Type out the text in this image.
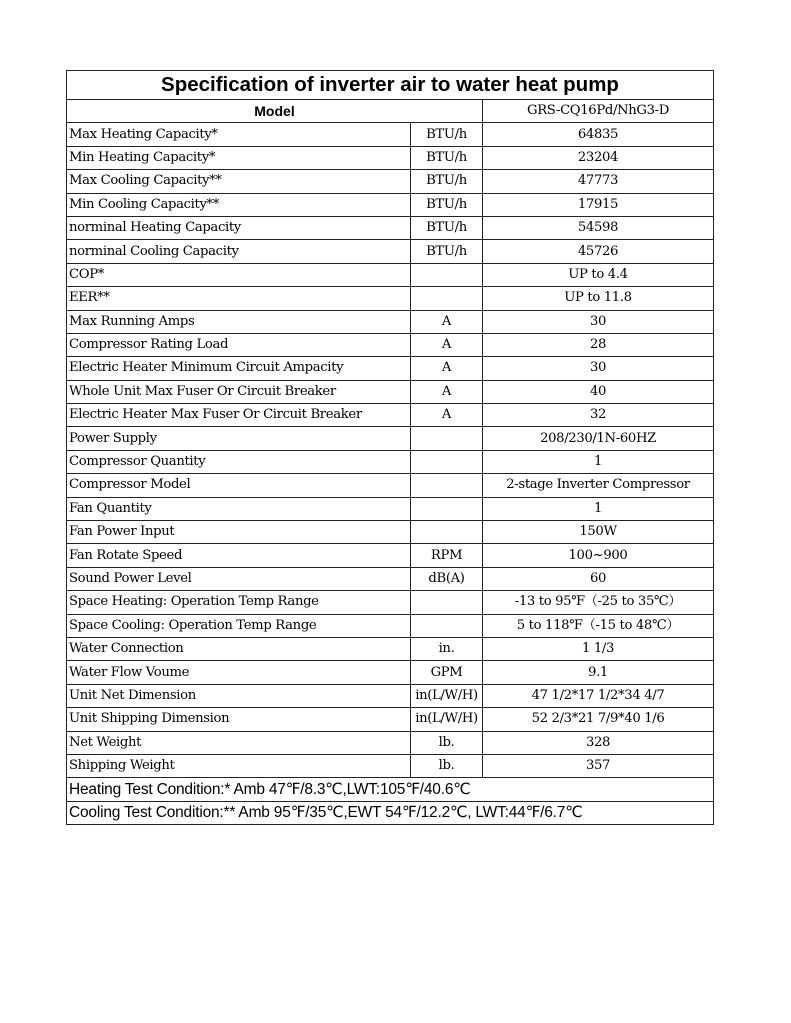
Specification of inverter air to water heat pump		
Model		GRS-CQ16Pd/NhG3-D
Max Heating Capacity*	BTU/h	64835
Min Heating Capacity*	BTU/h	23204
Max Cooling Capacity**	BTU/h	47773
Min Cooling Capacity**	BTU/h	17915
norminal Heating Capacity	BTU/h	54598
norminal Cooling Capacity	BTU/h	45726
COP*		UP to 4.4
EER**		UP to 11.8
Max Running Amps	A	30
Compressor Rating Load	A	28
Electric Heater Minimum Circuit Ampacity	A	30
Whole Unit Max Fuser Or Circuit Breaker	A	40
Electric Heater Max Fuser Or Circuit Breaker	A	32
Power Supply		208/230/1N-60HZ
Compressor Quantity		1
Compressor Model		2-stage Inverter Compressor
Fan Quantity		1
Fan Power Input		150W
Fan Rotate Speed	RPM	100~900
Sound Power Level	dB(A)	60
Space Heating: Operation Temp Range		-13 to 95℉（-25 to 35℃）
Space Cooling: Operation Temp Range		5 to 118℉（-15 to 48℃）
Water Connection	in.	1 1/3
Water Flow Voume	GPM	9.1
Unit Net Dimension	in(L/W/H)	47 1/2*17 1/2*34 4/7
Unit Shipping Dimension	in(L/W/H)	52 2/3*21 7/9*40 1/6
Net Weight	lb.	328
Shipping Weight	lb.	357
Heating Test Condition:* Amb 47℉/8.3℃,LWT:105℉/40.6℃		
Cooling Test Condition:** Amb 95℉/35℃,EWT 54℉/12.2℃, LWT:44℉/6.7℃		
